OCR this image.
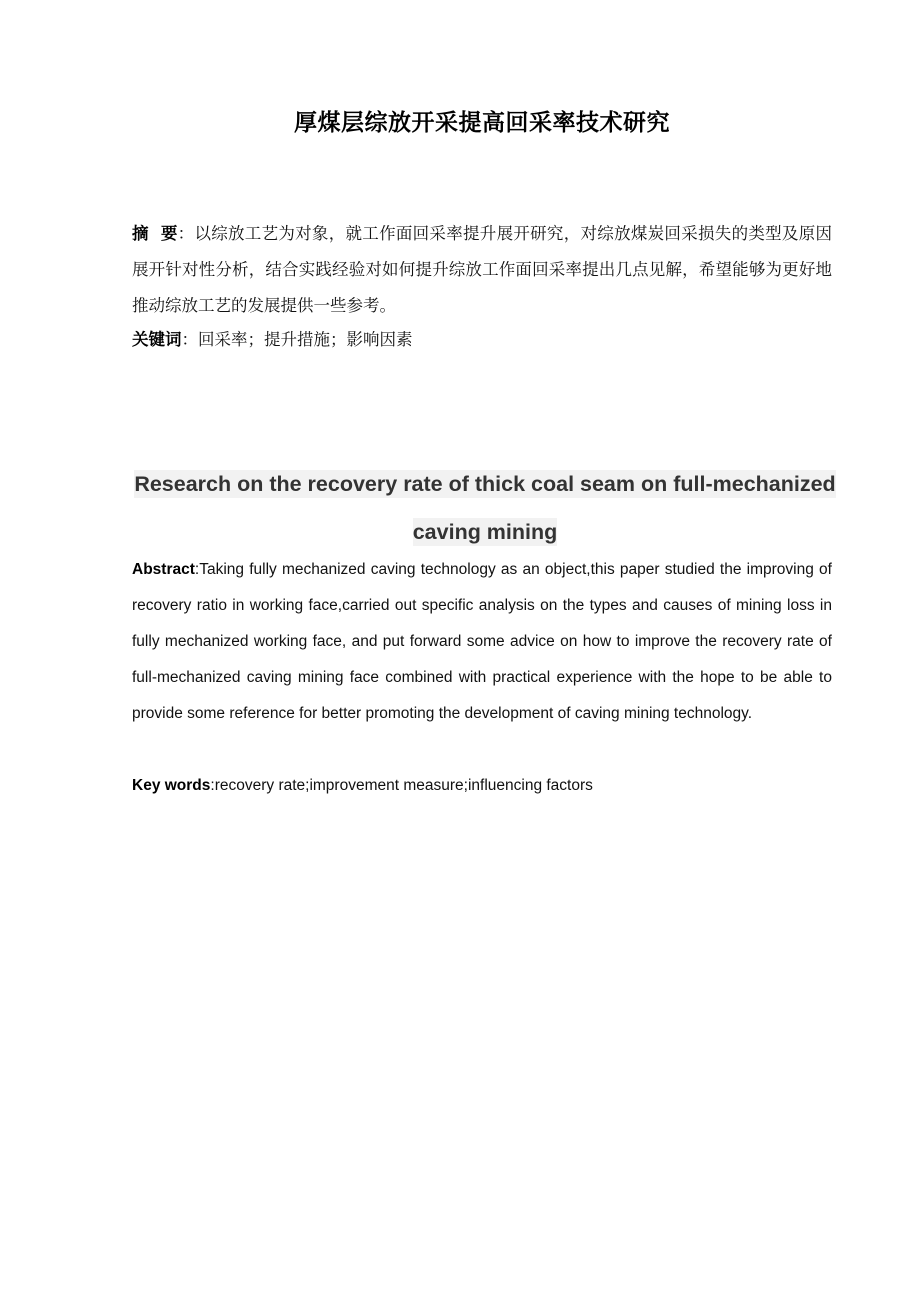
厚煤层综放开采提高回采率技术研究
摘  要：以综放工艺为对象，就工作面回采率提升展开研究，对综放煤炭回采损失的类型及原因展开针对性分析，结合实践经验对如何提升综放工作面回采率提出几点见解，希望能够为更好地推动综放工艺的发展提供一些参考。
关键词：回采率；提升措施；影响因素
Research on the recovery rate of thick coal seam on full-mechanized
caving mining
Abstract:Taking fully mechanized caving technology as an object,this paper studied the improving of recovery ratio in working face,carried out specific analysis on the types and causes of mining loss in fully mechanized working face, and put forward some advice on how to improve the recovery rate of full-mechanized caving mining face combined with practical experience with the hope to be able to provide some reference for better promoting the development of caving mining technology.
Key words:recovery rate;improvement measure;influencing factors
